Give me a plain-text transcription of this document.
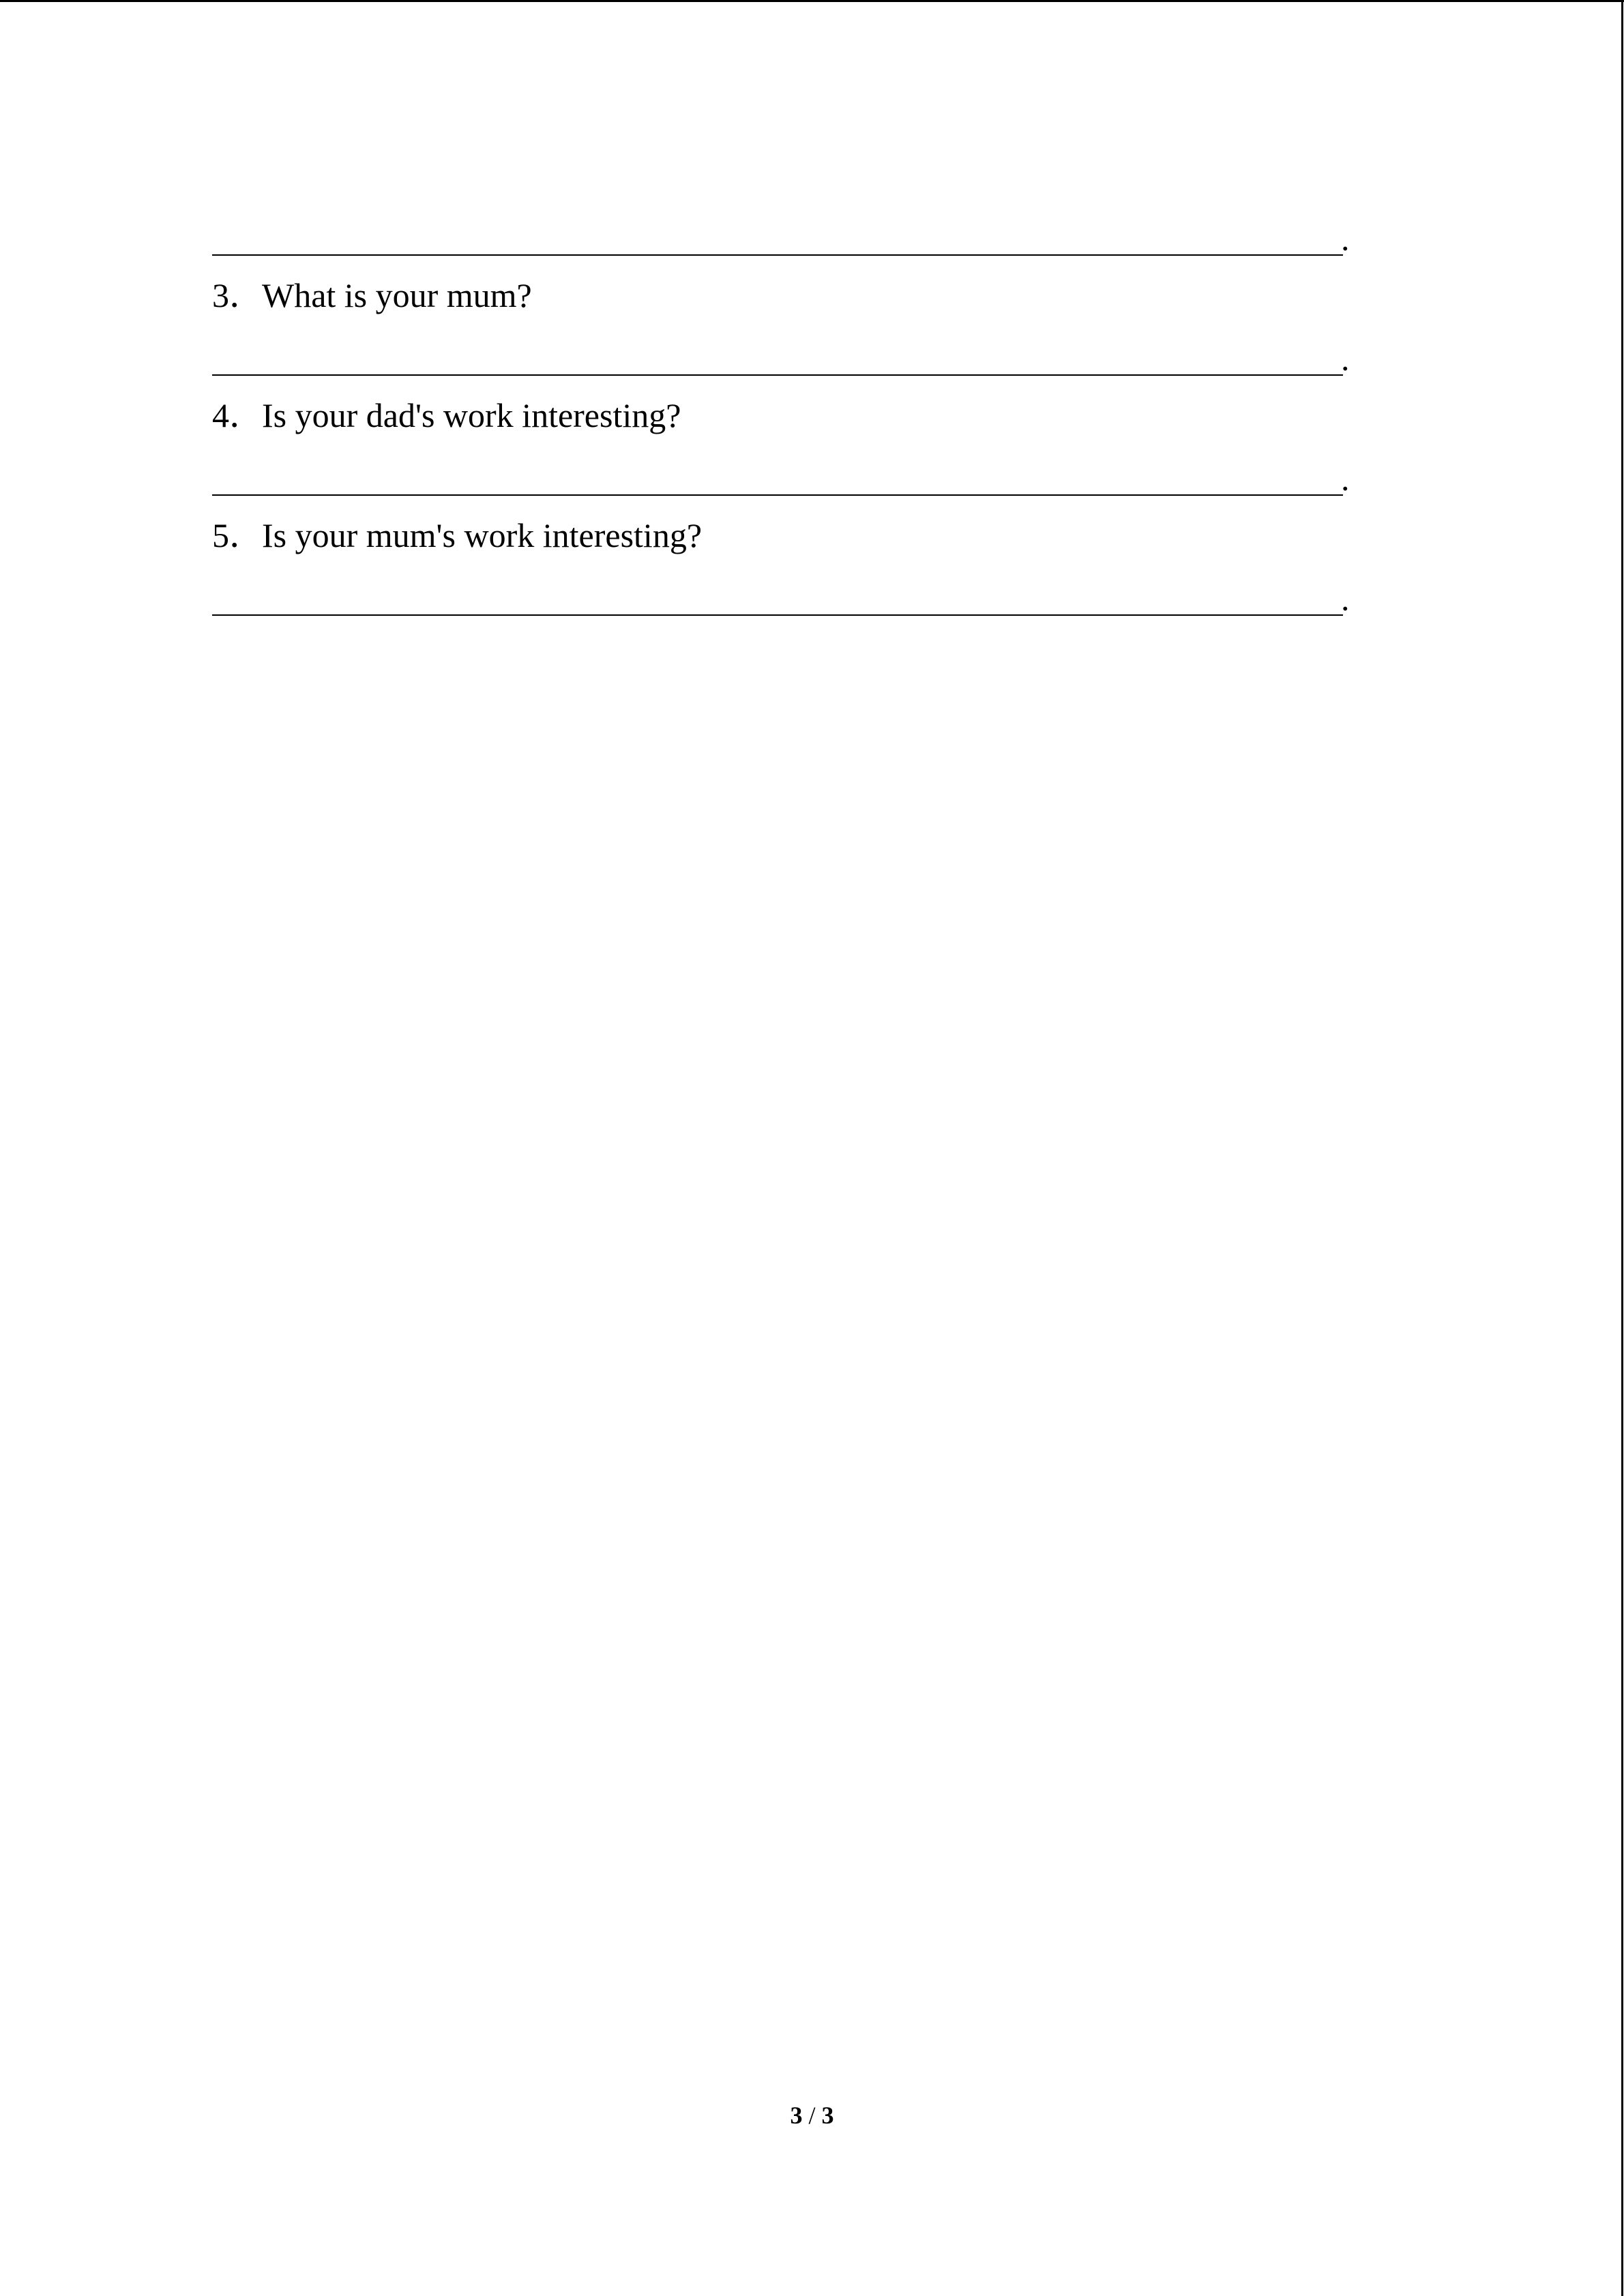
.
3．
What is your mum?
.
4．
Is your dad's work interesting?
.
5．
Is your mum's work interesting?
.
3 / 3
